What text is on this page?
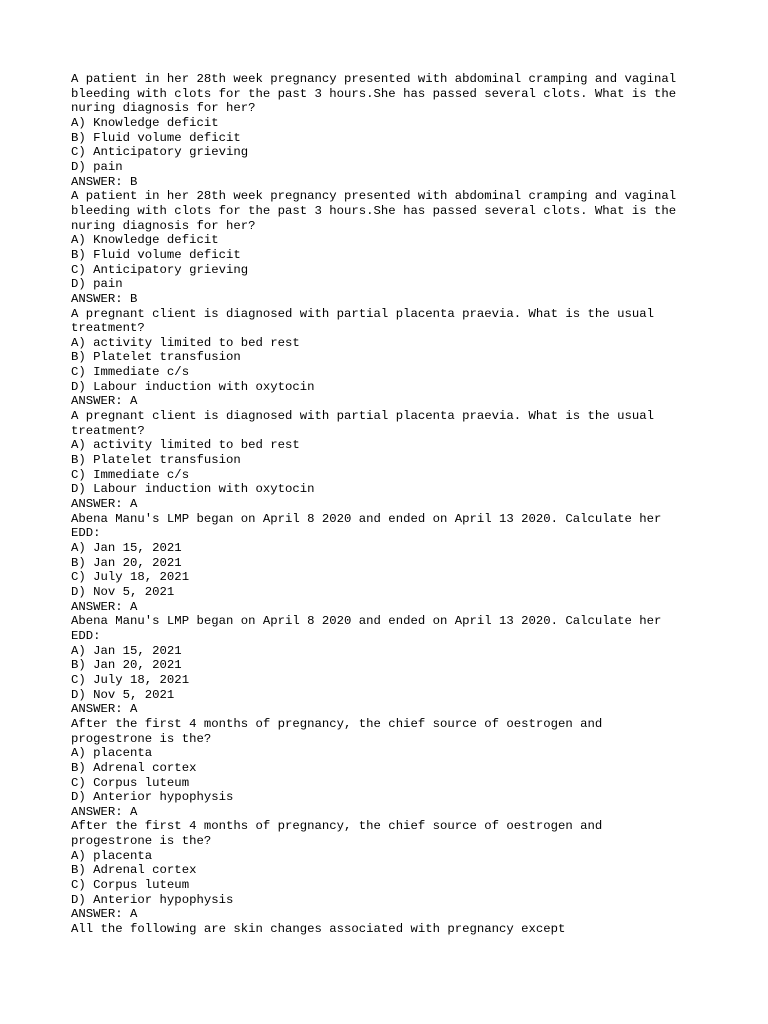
A patient in her 28th week pregnancy presented with abdominal cramping and vaginal
bleeding with clots for the past 3 hours.She has passed several clots. What is the
nuring diagnosis for her?
A) Knowledge deficit
B) Fluid volume deficit
C) Anticipatory grieving
D) pain
ANSWER: B
A patient in her 28th week pregnancy presented with abdominal cramping and vaginal
bleeding with clots for the past 3 hours.She has passed several clots. What is the
nuring diagnosis for her?
A) Knowledge deficit
B) Fluid volume deficit
C) Anticipatory grieving
D) pain
ANSWER: B
A pregnant client is diagnosed with partial placenta praevia. What is the usual
treatment?
A) activity limited to bed rest
B) Platelet transfusion
C) Immediate c/s
D) Labour induction with oxytocin
ANSWER: A
A pregnant client is diagnosed with partial placenta praevia. What is the usual
treatment?
A) activity limited to bed rest
B) Platelet transfusion
C) Immediate c/s
D) Labour induction with oxytocin
ANSWER: A
Abena Manu's LMP began on April 8 2020 and ended on April 13 2020. Calculate her
EDD:
A) Jan 15, 2021
B) Jan 20, 2021
C) July 18, 2021
D) Nov 5, 2021
ANSWER: A
Abena Manu's LMP began on April 8 2020 and ended on April 13 2020. Calculate her
EDD:
A) Jan 15, 2021
B) Jan 20, 2021
C) July 18, 2021
D) Nov 5, 2021
ANSWER: A
After the first 4 months of pregnancy, the chief source of oestrogen and
progestrone is the?
A) placenta
B) Adrenal cortex
C) Corpus luteum
D) Anterior hypophysis
ANSWER: A
After the first 4 months of pregnancy, the chief source of oestrogen and
progestrone is the?
A) placenta
B) Adrenal cortex
C) Corpus luteum
D) Anterior hypophysis
ANSWER: A
All the following are skin changes associated with pregnancy except
